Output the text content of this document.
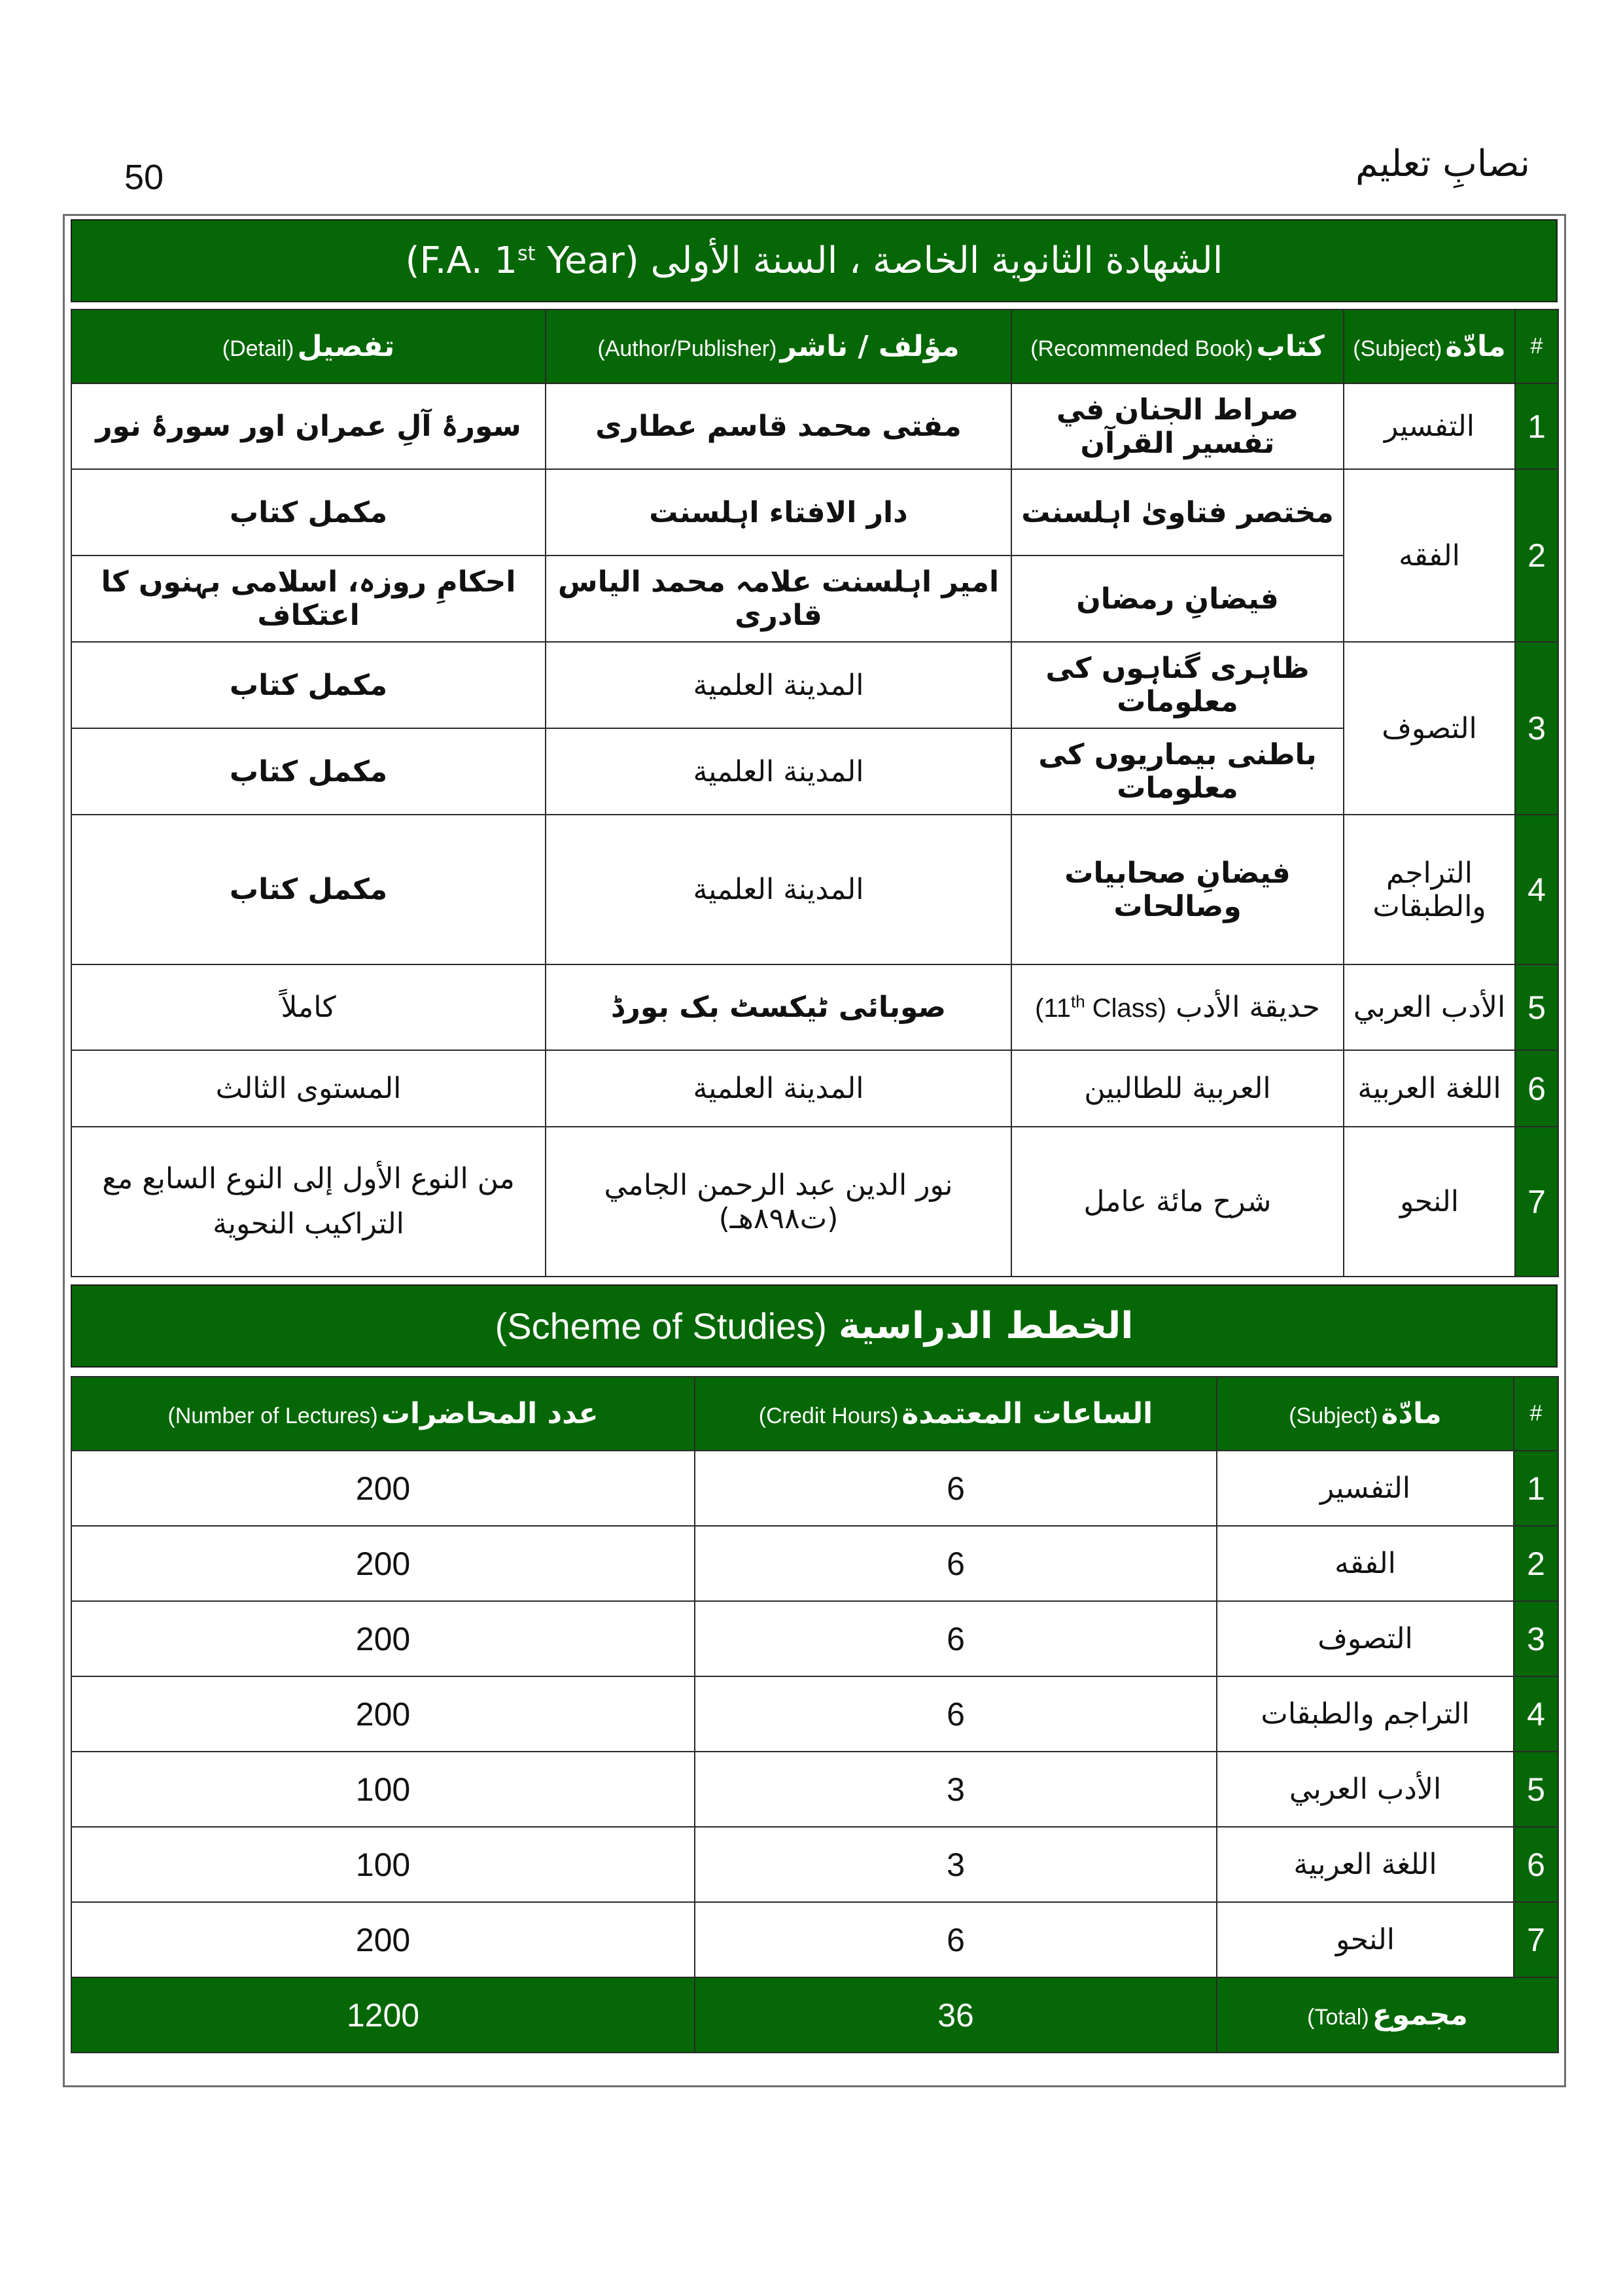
50	نصابِ تعلیم
الشهادة الثانوية الخاصة ، السنة الأولى
(F.A. 1st Year)
#	مادّة (Subject)	كتاب (Recommended Book)	مؤلف / ناشر (Author/Publisher)	تفصيل (Detail)
1	التفسير	صراط الجنان في تفسير القرآن	مفتی محمد قاسم عطاری	سورۂ آلِ عمران اور سورۂ نور
2	الفقه	مختصر فتاویٰ اہلسنت	دار الافتاء اہلسنت	مکمل کتاب
		فیضانِ رمضان	امیر اہلسنت علامہ محمد الیاس قادری	احکامِ روزہ، اسلامی بہنوں کا اعتکاف
3	التصوف	ظاہری گناہوں کی معلومات	المدينة العلمية	مکمل کتاب
		باطنی بیماریوں کی معلومات	المدينة العلمية	مکمل کتاب
4	التراجم والطبقات	فیضانِ صحابیات وصالحات	المدينة العلمية	مکمل کتاب
5	الأدب العربي	حديقة الأدب (11th Class)	صوبائی ٹیکسٹ بک بورڈ	كاملاً
6	اللغة العربية	العربية للطالبين	المدينة العلمية	المستوى الثالث
7	النحو	شرح مائة عامل	نور الدين عبد الرحمن الجامي (ت٨٩٨هـ)	من النوع الأول إلى النوع السابع مع التراكيب النحوية
الخطط الدراسية
(Scheme of Studies)
#	مادّة (Subject)	الساعات المعتمدة (Credit Hours)	عدد المحاضرات (Number of Lectures)
1	التفسير	6	200
2	الفقه	6	200
3	التصوف	6	200
4	التراجم والطبقات	6	200
5	الأدب العربي	3	100
6	اللغة العربية	3	100
7	النحو	6	200
مجموع (Total)		36	1200
